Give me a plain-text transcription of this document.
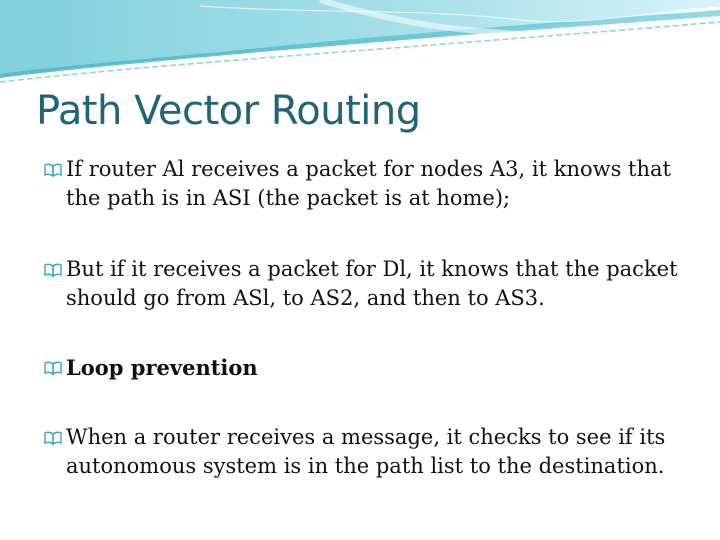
Path Vector Routing
If router Al receives a packet for nodes A3, it knows that
the path is in ASI (the packet is at home);
But if it receives a packet for Dl, it knows that the packet
should go from ASl, to AS2, and then to AS3.
Loop prevention
When a router receives a message, it checks to see if its
autonomous system is in the path list to the destination.
